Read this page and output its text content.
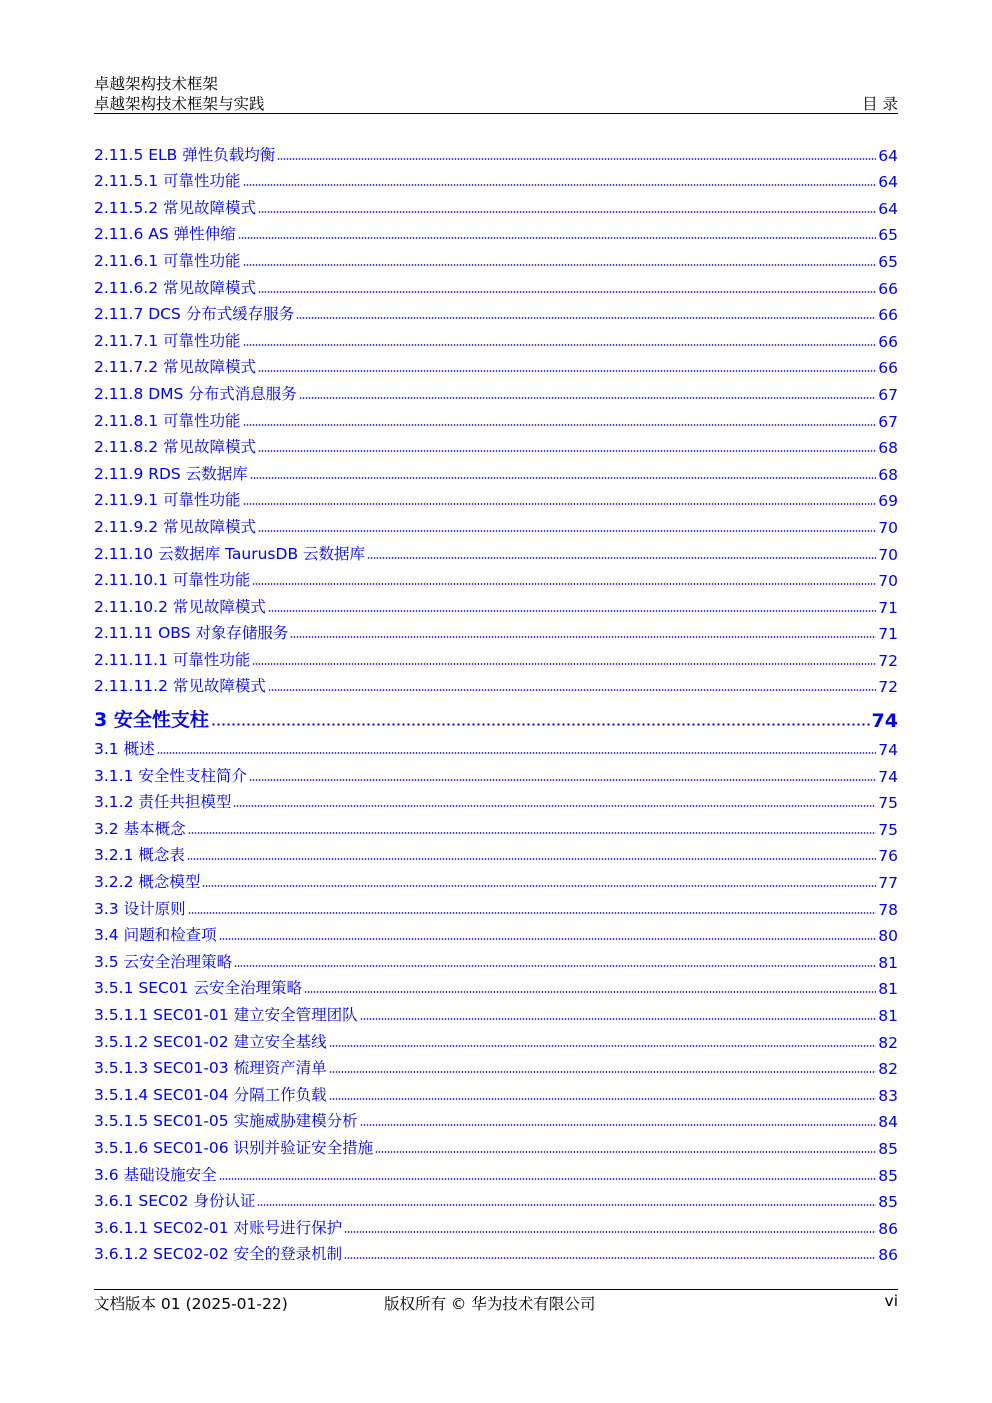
卓越架构技术框架
卓越架构技术框架与实践	目 录
2.11.5 ELB 弹性负载均衡	64
2.11.5.1 可靠性功能	64
2.11.5.2 常见故障模式	64
2.11.6 AS 弹性伸缩	65
2.11.6.1 可靠性功能	65
2.11.6.2 常见故障模式	66
2.11.7 DCS 分布式缓存服务	66
2.11.7.1 可靠性功能	66
2.11.7.2 常见故障模式	66
2.11.8 DMS 分布式消息服务	67
2.11.8.1 可靠性功能	67
2.11.8.2 常见故障模式	68
2.11.9 RDS 云数据库	68
2.11.9.1 可靠性功能	69
2.11.9.2 常见故障模式	70
2.11.10 云数据库 TaurusDB 云数据库	70
2.11.10.1 可靠性功能	70
2.11.10.2 常见故障模式	71
2.11.11 OBS 对象存储服务	71
2.11.11.1 可靠性功能	72
2.11.11.2 常见故障模式	72
3 安全性支柱	74
3.1 概述	74
3.1.1 安全性支柱简介	74
3.1.2 责任共担模型	75
3.2 基本概念	75
3.2.1 概念表	76
3.2.2 概念模型	77
3.3 设计原则	78
3.4 问题和检查项	80
3.5 云安全治理策略	81
3.5.1 SEC01 云安全治理策略	81
3.5.1.1 SEC01-01 建立安全管理团队	81
3.5.1.2 SEC01-02 建立安全基线	82
3.5.1.3 SEC01-03 梳理资产清单	82
3.5.1.4 SEC01-04 分隔工作负载	83
3.5.1.5 SEC01-05 实施威胁建模分析	84
3.5.1.6 SEC01-06 识别并验证安全措施	85
3.6 基础设施安全	85
3.6.1 SEC02 身份认证	85
3.6.1.1 SEC02-01 对账号进行保护	86
3.6.1.2 SEC02-02 安全的登录机制	86
文档版本 01 (2025-01-22)	版权所有 © 华为技术有限公司	vi
